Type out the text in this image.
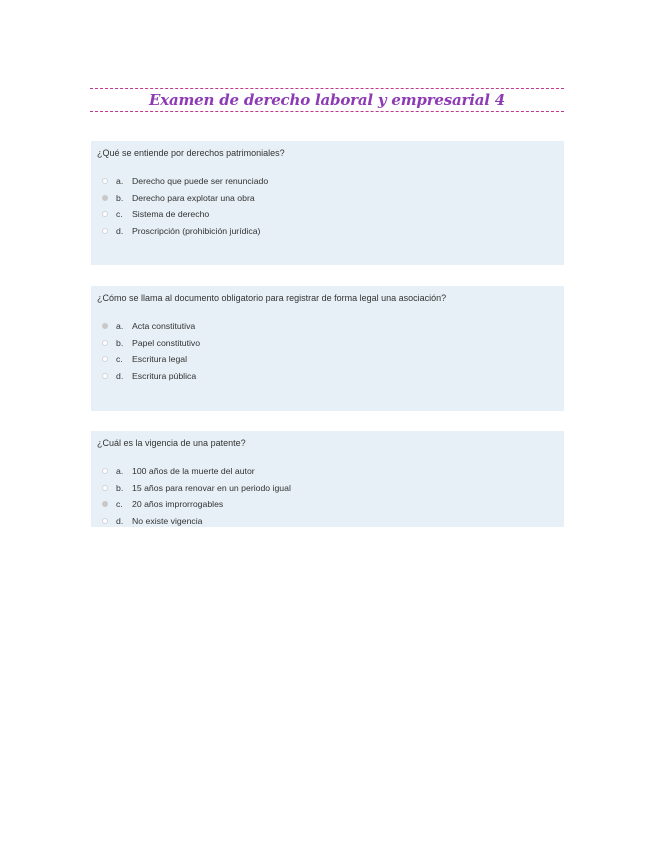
Examen de derecho laboral y empresarial 4
¿Qué se entiende por derechos patrimoniales?
a.	Derecho que puede ser renunciado
b.	Derecho para explotar una obra
c.	Sistema de derecho
d.	Proscripción (prohibición jurídica)
¿Cómo se llama al documento obligatorio para registrar de forma legal una asociación?
a.	Acta constitutiva
b.	Papel constitutivo
c.	Escritura legal
d.	Escritura pública
¿Cuál es la vigencia de una patente?
a.	100 años de la muerte del autor
b.	15 años para renovar en un periodo igual
c.	20 años improrrogables
d.	No existe vigencia
